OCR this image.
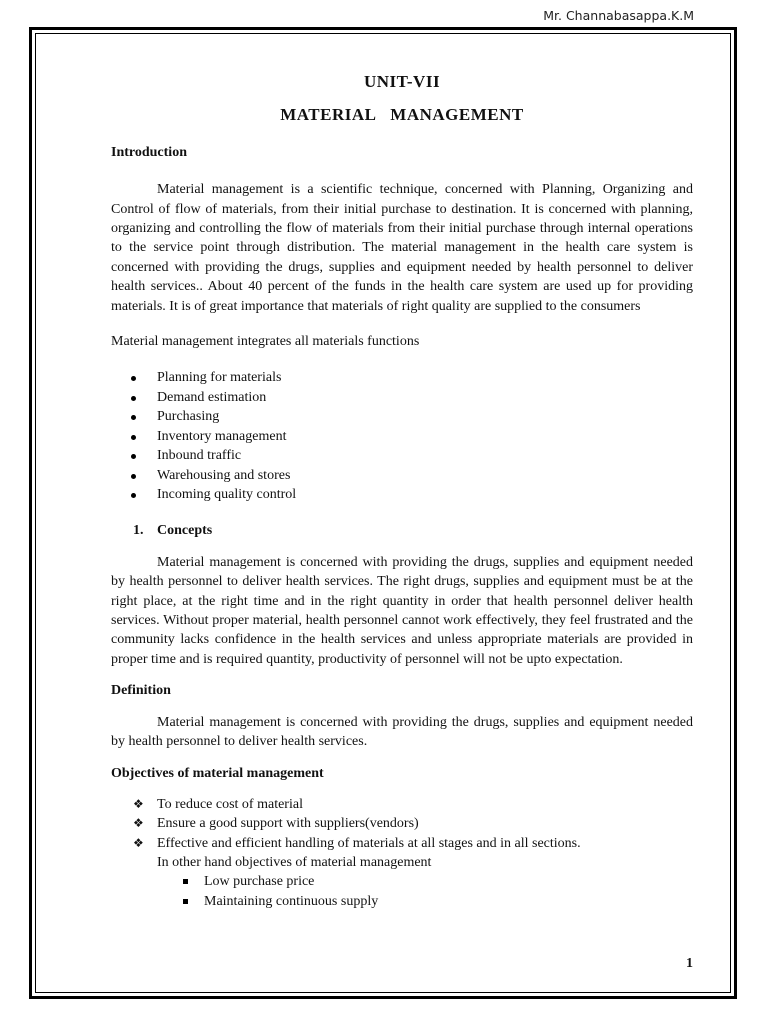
Mr. Channabasappa.K.M
UNIT-VII
MATERIAL MANAGEMENT
Introduction

Material management is a scientific technique, concerned with Planning, Organizing and Control of flow of materials, from their initial purchase to destination. It is concerned with planning, organizing and controlling the flow of materials from their initial purchase through internal operations to the service point through distribution. The material management in the health care system is concerned with providing the drugs, supplies and equipment needed by health personnel to deliver health services.. About 40 percent of the funds in the health care system are used up for providing materials. It is of great importance that materials of right quality are supplied to the consumers

Material management integrates all materials functions

Planning for materials
Demand estimation
Purchasing
Inventory management
Inbound traffic
Warehousing and stores
Incoming quality control
1. Concepts

Material management is concerned with providing the drugs, supplies and equipment needed by health personnel to deliver health services. The right drugs, supplies and equipment must be at the right place, at the right time and in the right quantity in order that health personnel deliver health services. Without proper material, health personnel cannot work effectively, they feel frustrated and the community lacks confidence in the health services and unless appropriate materials are provided in proper time and is required quantity, productivity of personnel will not be upto expectation.

Definition

Material management is concerned with providing the drugs, supplies and equipment needed by health personnel to deliver health services.

Objectives of material management
❖ To reduce cost of material
❖ Ensure a good support with suppliers(vendors)
❖ Effective and efficient handling of materials at all stages and in all sections.
In other hand objectives of material management
Low purchase price
Maintaining continuous supply
1
